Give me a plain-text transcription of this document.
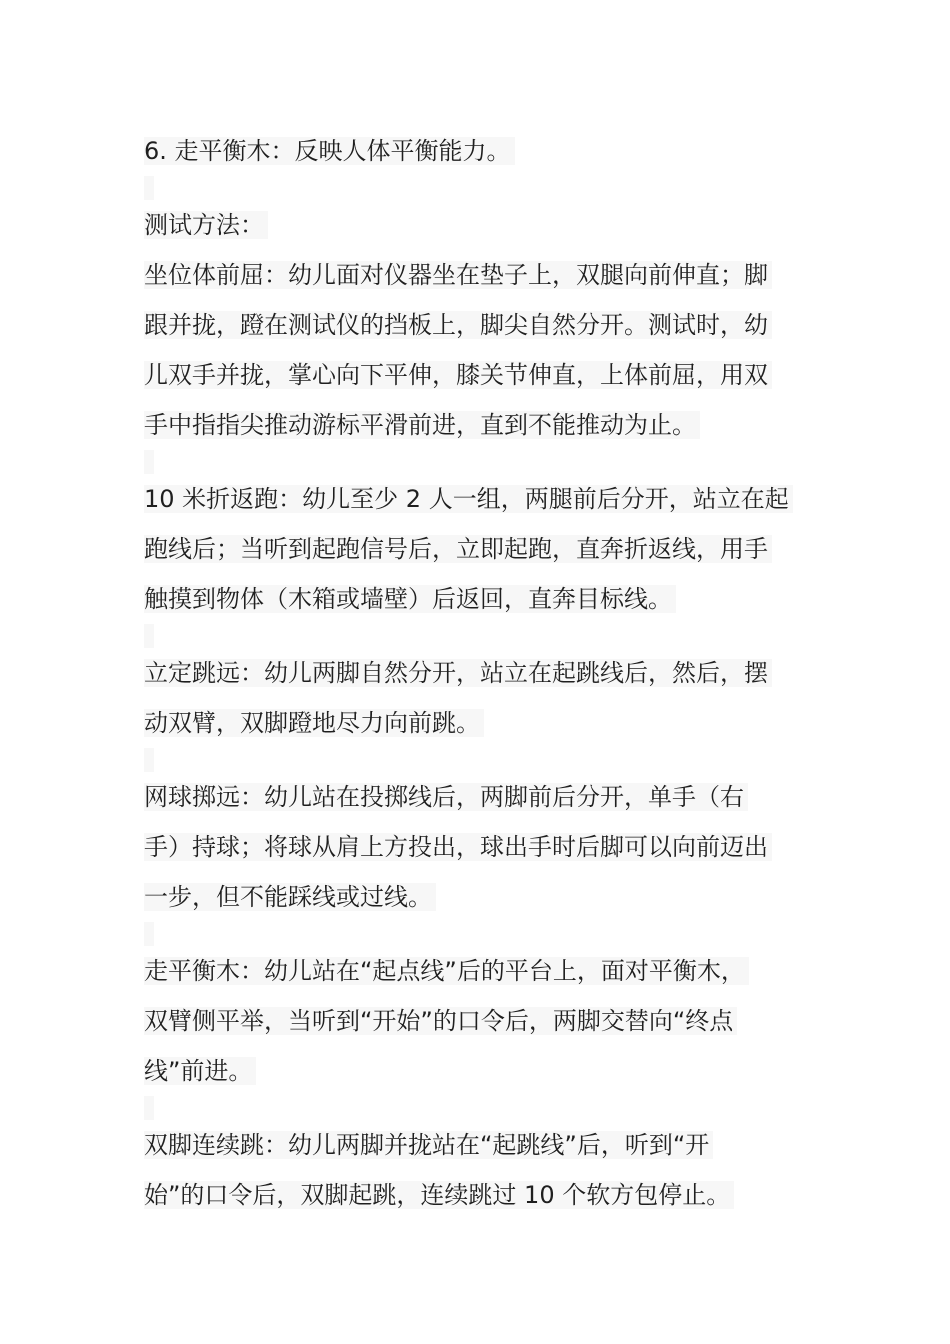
6. 走平衡木：反映人体平衡能力。
测试方法：
坐位体前屈：幼儿面对仪器坐在垫子上，双腿向前伸直；脚
跟并拢，蹬在测试仪的挡板上，脚尖自然分开。测试时，幼
儿双手并拢，掌心向下平伸，膝关节伸直，上体前屈，用双
手中指指尖推动游标平滑前进，直到不能推动为止。
10 米折返跑：幼儿至少 2 人一组，两腿前后分开，站立在起
跑线后；当听到起跑信号后，立即起跑，直奔折返线，用手
触摸到物体（木箱或墙壁）后返回，直奔目标线。
立定跳远：幼儿两脚自然分开，站立在起跳线后，然后，摆
动双臂，双脚蹬地尽力向前跳。
网球掷远：幼儿站在投掷线后，两脚前后分开，单手（右
手）持球；将球从肩上方投出，球出手时后脚可以向前迈出
一步，但不能踩线或过线。
走平衡木：幼儿站在“起点线”后的平台上，面对平衡木，
双臂侧平举，当听到“开始”的口令后，两脚交替向“终点
线”前进。
双脚连续跳：幼儿两脚并拢站在“起跳线”后，听到“开
始”的口令后，双脚起跳，连续跳过 10 个软方包停止。
